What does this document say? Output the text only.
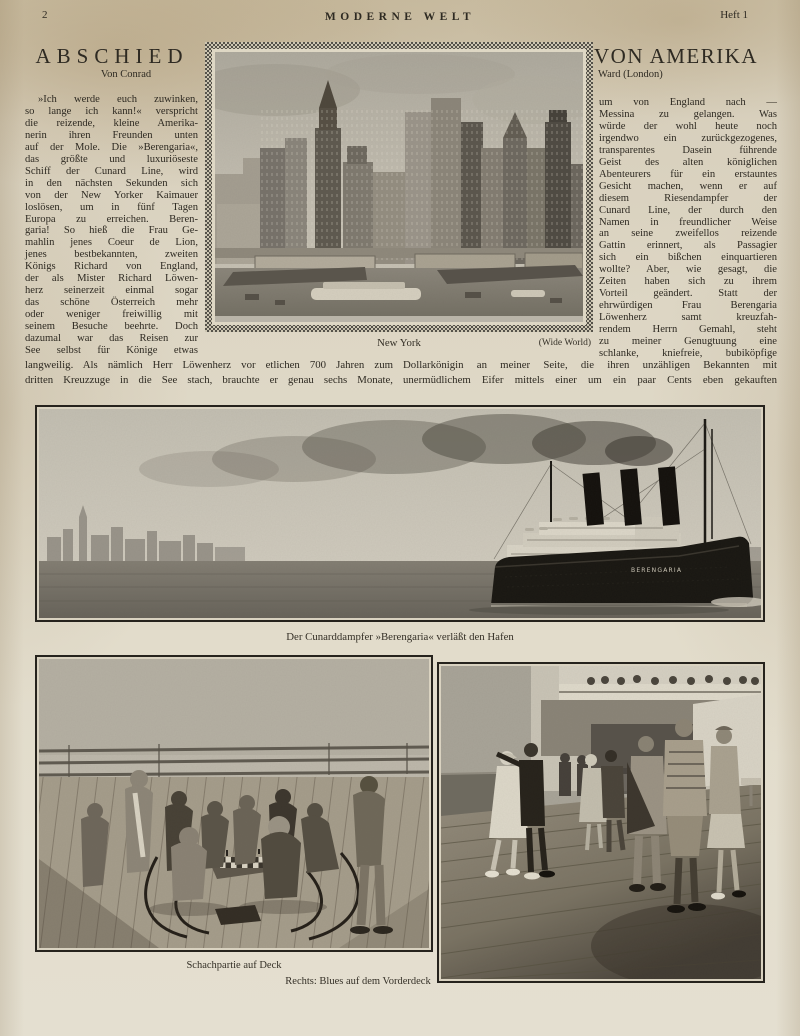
2	MODERNE WELT	Heft 1
ABSCHIED
Von Conrad
VON AMERIKA
Ward (London)
»Ich werde euch zuwinken,
so lange ich kann!« verspricht
die reizende, kleine Amerika-
nerin ihren Freunden unten
auf der Mole. Die »Berengaria«,
das größte und luxuriöseste
Schiff der Cunard Line, wird
in den nächsten Sekunden sich
von der New Yorker Kaimauer
loslösen, um in fünf Tagen
Europa zu erreichen. Beren-
garia! So hieß die Frau Ge-
mahlin jenes Coeur de Lion,
jenes bestbekannten, zweiten
Königs Richard von England,
der als Mister Richard Löwen-
herz seinerzeit einmal sogar
das schöne Österreich mehr
oder weniger freiwillig mit
seinem Besuche beehrte. Doch
dazumal war das Reisen zur
See selbst für Könige etwas
um von England nach —
Messina zu gelangen. Was
würde der wohl heute noch
irgendwo ein zurückgezogenes,
transparentes Dasein führende
Geist des alten königlichen
Abenteurers für ein erstauntes
Gesicht machen, wenn er auf
diesem Riesendampfer der
Cunard Line, der durch den
Namen in freundlicher Weise
an seine zweifellos reizende
Gattin erinnert, als Passagier
sich ein bißchen einquartieren
wollte? Aber, wie gesagt, die
Zeiten haben sich zu ihrem
Vorteil geändert. Statt der
ehrwürdigen Frau Berengaria
Löwenherz samt kreuzfah-
rendem Herrn Gemahl, steht
zu meiner Genugtuung eine
schlanke, kniefreie, bubiköpfige
langweilig. Als nämlich Herr Löwenherz vor etlichen 700 Jahren zum
dritten Kreuzzuge in die See stach, brauchte er genau sechs Monate,
Dollarkönigin an meiner Seite, die ihren unzähligen Bekannten mit
unermüdlichem Eifer mittels einer um ein paar Cents eben gekauften
New York	(Wide World)
BERENGARIA
Der Cunarddampfer »Berengaria« verläßt den Hafen
Schachpartie auf Deck
Rechts: Blues auf dem Vorderdeck
